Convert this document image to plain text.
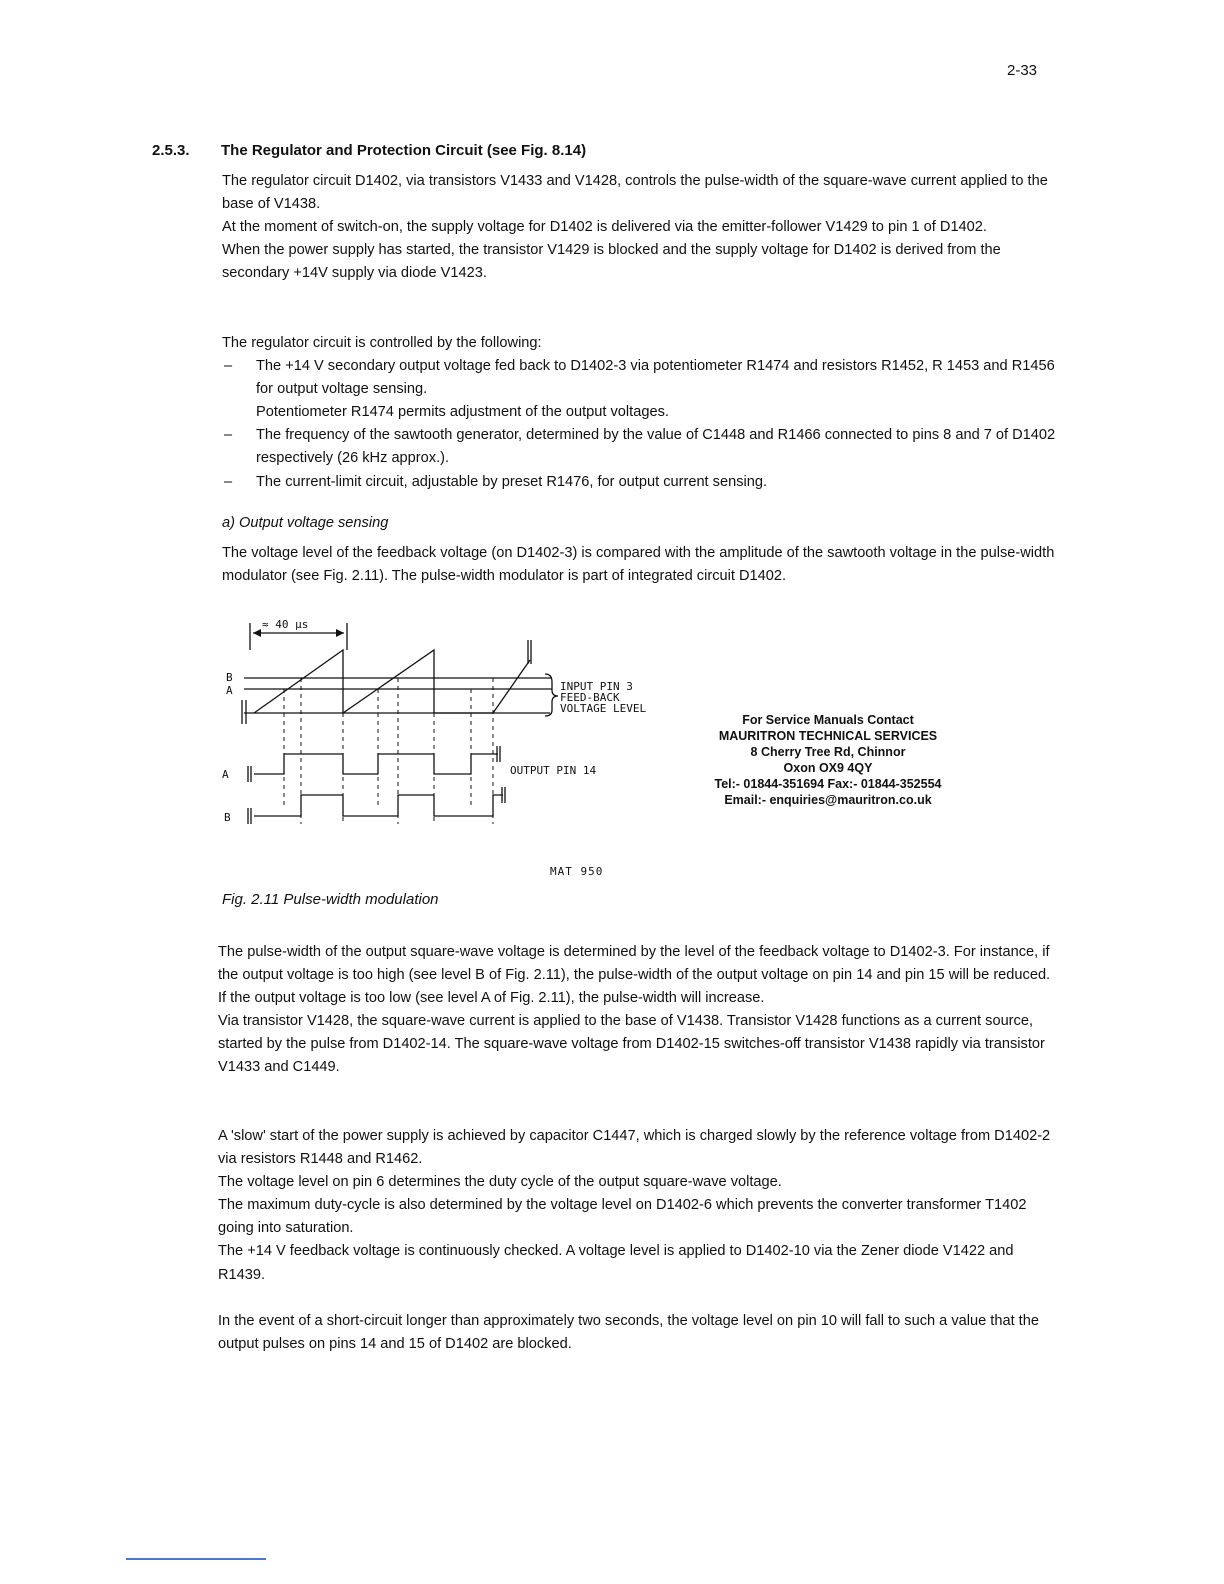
2-33
2.5.3. The Regulator and Protection Circuit (see Fig. 8.14)

The regulator circuit D1402, via transistors V1433 and V1428, controls the pulse-width of the square-wave current applied to the base of V1438.

At the moment of switch-on, the supply voltage for D1402 is delivered via the emitter-follower V1429 to pin 1 of D1402.

When the power supply has started, the transistor V1429 is blocked and the supply voltage for D1402 is derived from the secondary +14V supply via diode V1423.

The regulator circuit is controlled by the following:

– The +14 V secondary output voltage fed back to D1402-3 via potentiometer R1474 and resistors R1452, R 1453 and R1456 for output voltage sensing.

Potentiometer R1474 permits adjustment of the output voltages.

– The frequency of the sawtooth generator, determined by the value of C1448 and R1466 connected to pins 8 and 7 of D1402 respectively (26 kHz approx.).

– The current-limit circuit, adjustable by preset R1476, for output current sensing.

a) Output voltage sensing
The voltage level of the feedback voltage (on D1402-3) is compared with the amplitude of the sawtooth voltage in the pulse-width modulator (see Fig. 2.11). The pulse-width modulator is part of integrated circuit D1402.
≈ 40 μs
B
A	INPUT PIN 3
FEED-BACK
VOLTAGE LEVEL
OUTPUT PIN 14
A
B
For Service Manuals Contact
MAURITRON TECHNICAL SERVICES
8 Cherry Tree Rd, Chinnor
Oxon OX9 4QY
Tel:- 01844-351694 Fax:- 01844-352554
Email:- enquiries@mauritron.co.uk
MAT 950
Fig. 2.11 Pulse-width modulation

The pulse-width of the output square-wave voltage is determined by the level of the feedback voltage to D1402-3. For instance, if the output voltage is too high (see level B of Fig. 2.11), the pulse-width of the output voltage on pin 14 and pin 15 will be reduced.

If the output voltage is too low (see level A of Fig. 2.11), the pulse-width will increase.

Via transistor V1428, the square-wave current is applied to the base of V1438. Transistor V1428 functions as a current source, started by the pulse from D1402-14. The square-wave voltage from D1402-15 switches-off transistor V1438 rapidly via transistor V1433 and C1449.

A 'slow' start of the power supply is achieved by capacitor C1447, which is charged slowly by the reference voltage from D1402-2 via resistors R1448 and R1462.

The voltage level on pin 6 determines the duty cycle of the output square-wave voltage.

The maximum duty-cycle is also determined by the voltage level on D1402-6 which prevents the converter transformer T1402 going into saturation.

The +14 V feedback voltage is continuously checked. A voltage level is applied to D1402-10 via the Zener diode V1422 and R1439.

In the event of a short-circuit longer than approximately two seconds, the voltage level on pin 10 will fall to such a value that the output pulses on pins 14 and 15 of D1402 are blocked.
